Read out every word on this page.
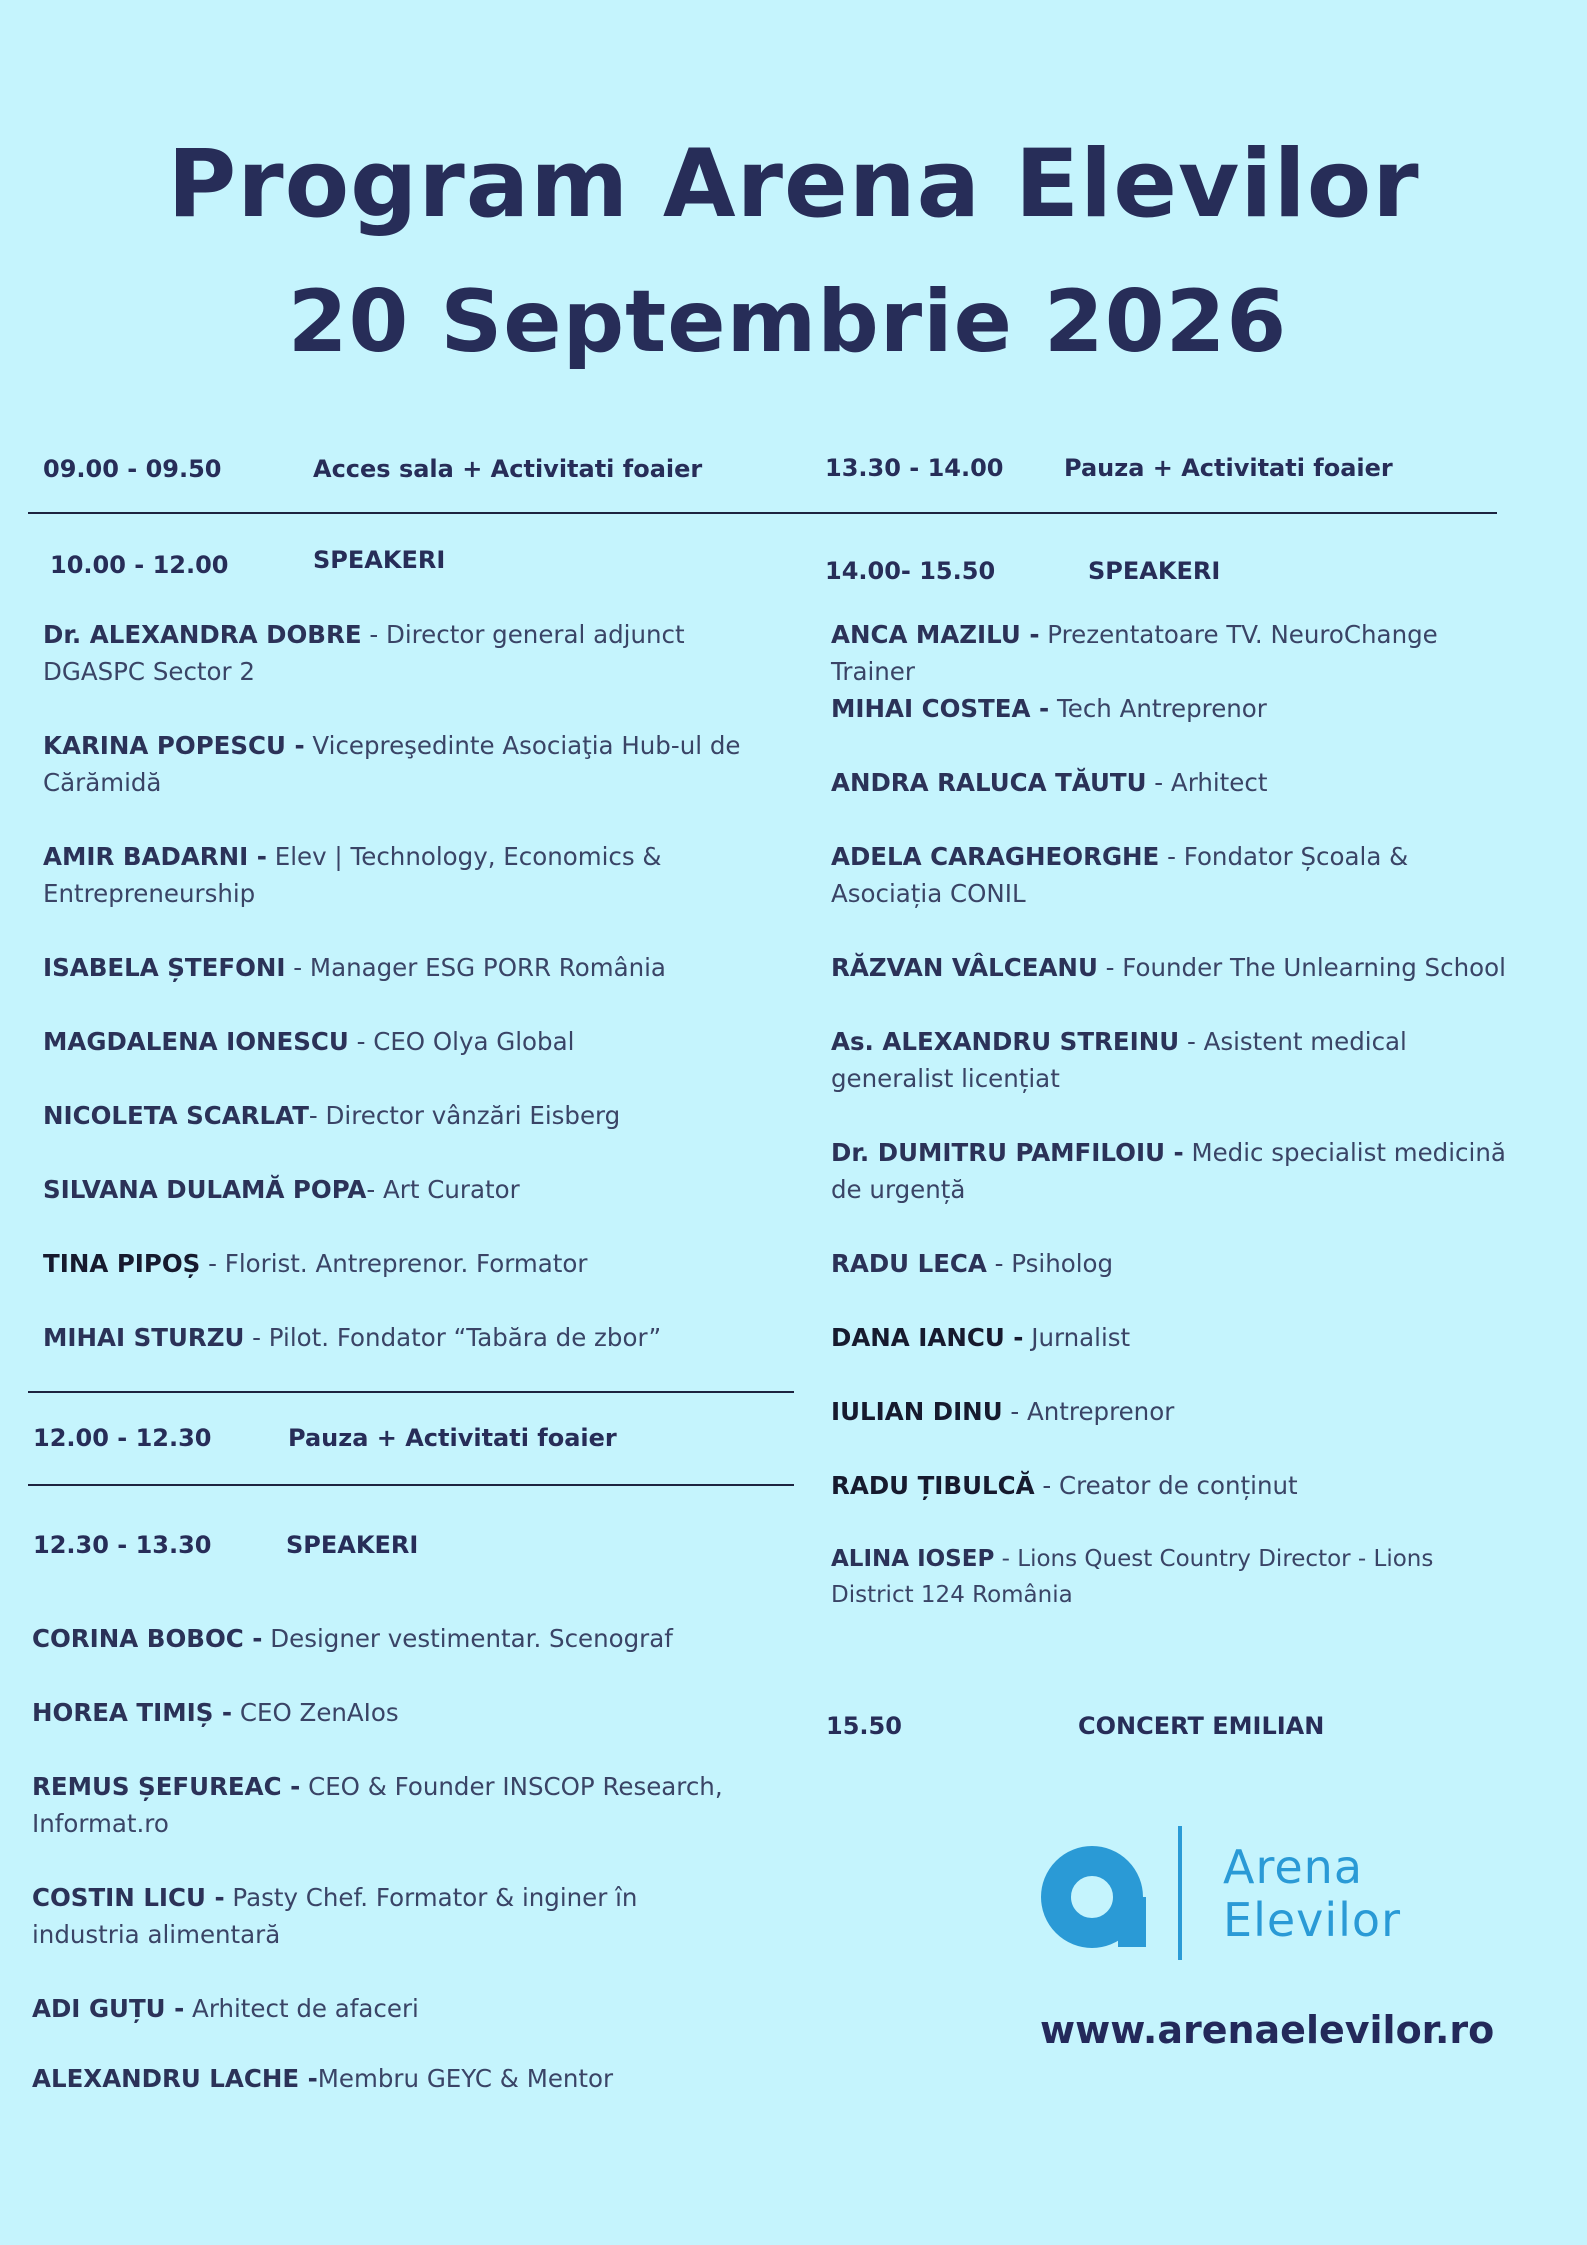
Program Arena Elevilor
20 Septembrie 2026
09.00 - 09.50	Acces sala + Activitati foaier
10.00 - 12.00	SPEAKERI
Dr. ALEXANDRA DOBRE - Director general adjunct DGASPC Sector 2
KARINA POPESCU - Vicepreşedinte Asociaţia Hub-ul de Cărămidă
AMIR BADARNI - Elev | Technology, Economics & Entrepreneurship
ISABELA ȘTEFONI - Manager ESG PORR România
MAGDALENA IONESCU - CEO Olya Global
NICOLETA SCARLAT- Director vânzări Eisberg
SILVANA DULAMĂ POPA- Art Curator
TINA PIPOȘ - Florist. Antreprenor. Formator
MIHAI STURZU - Pilot. Fondator “Tabăra de zbor”
12.00 - 12.30	Pauza + Activitati foaier
12.30 - 13.30	SPEAKERI
CORINA BOBOC - Designer vestimentar. Scenograf
HOREA TIMIȘ - CEO ZenAIos
REMUS ȘEFUREAC - CEO & Founder INSCOP Research, Informat.ro
COSTIN LICU - Pasty Chef. Formator & inginer în industria alimentară
ADI GUȚU - Arhitect de afaceri
ALEXANDRU LACHE -Membru GEYC & Mentor
13.30 - 14.00	Pauza + Activitati foaier
14.00- 15.50	SPEAKERI
ANCA MAZILU - Prezentatoare TV. NeuroChange Trainer
MIHAI COSTEA - Tech Antreprenor
ANDRA RALUCA TĂUTU - Arhitect
ADELA CARAGHEORGHE - Fondator Școala & Asociația CONIL
RĂZVAN VÂLCEANU - Founder The Unlearning School
As. ALEXANDRU STREINU - Asistent medical generalist licențiat
Dr. DUMITRU PAMFILOIU - Medic specialist medicină de urgență
RADU LECA - Psiholog
DANA IANCU - Jurnalist
IULIAN DINU - Antreprenor
RADU ȚIBULCĂ - Creator de conținut
ALINA IOSEP - Lions Quest Country Director - Lions District 124 România
15.50	CONCERT EMILIAN
Arena
Elevilor
www.arenaelevilor.ro
